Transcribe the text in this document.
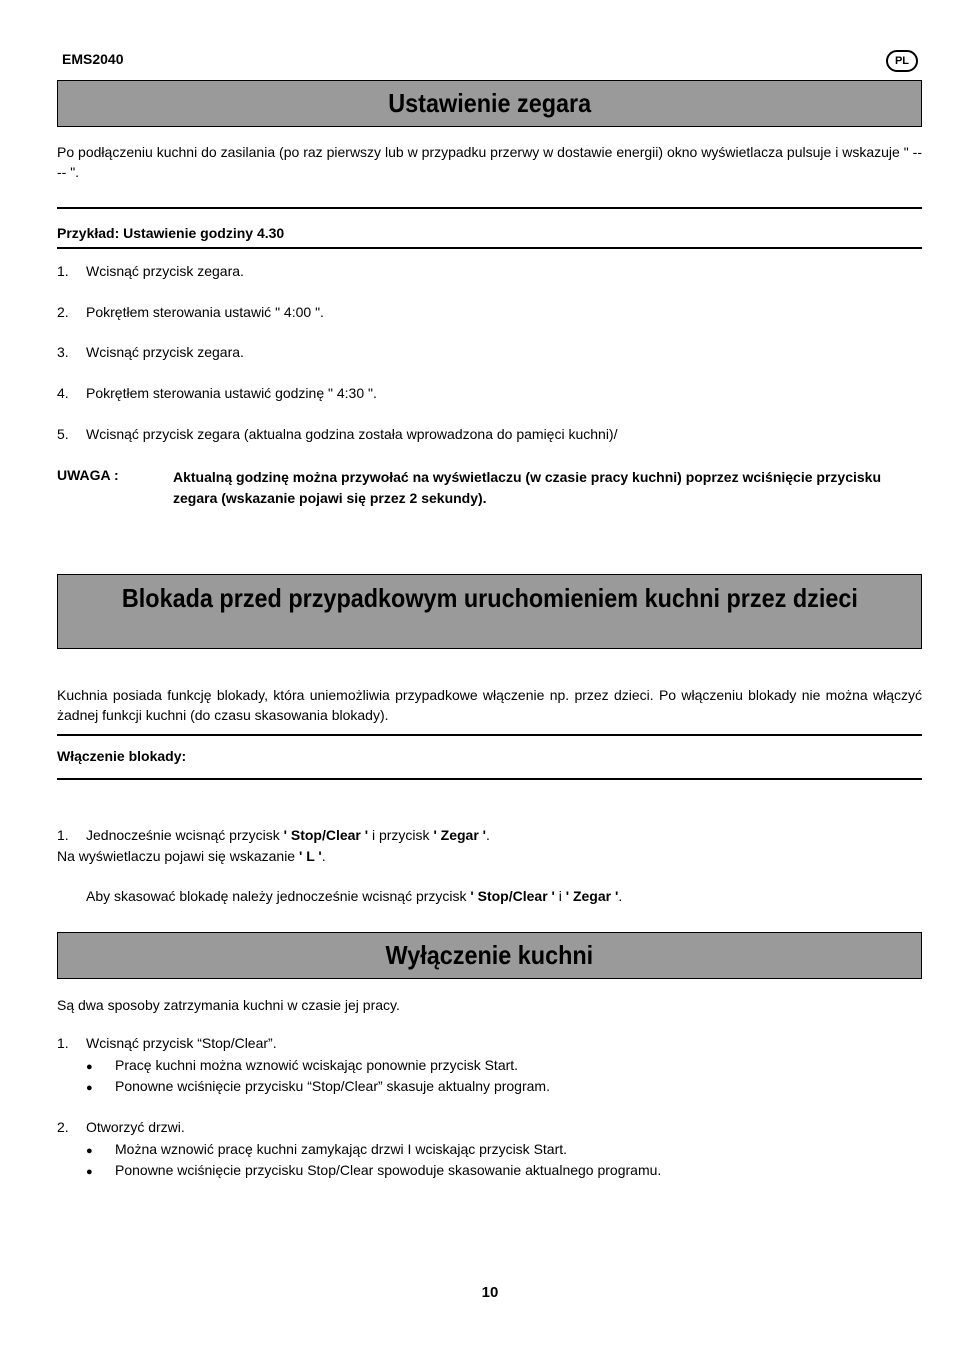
EMS2040	PL
Ustawienie zegara
Po podłączeniu kuchni do zasilania (po raz pierwszy lub w przypadku przerwy w dostawie energii) okno wyświetlacza pulsuje i wskazuje " ---- ".
Przykład: Ustawienie godziny 4.30
1. Wcisnąć przycisk zegara.
2. Pokrętłem sterowania ustawić " 4:00 ".
3. Wcisnąć przycisk zegara.
4. Pokrętłem sterowania ustawić godzinę " 4:30 ".
5. Wcisnąć przycisk zegara (aktualna godzina została wprowadzona do pamięci kuchni)/
UWAGA :	Aktualną godzinę można przywołać na wyświetlaczu (w czasie pracy kuchni) poprzez wciśnięcie przycisku zegara (wskazanie pojawi się przez 2 sekundy).
Blokada przed przypadkowym uruchomieniem kuchni przez dzieci
Kuchnia posiada funkcję blokady, która uniemożliwia przypadkowe włączenie np. przez dzieci. Po włączeniu blokady nie można włączyć żadnej funkcji kuchni (do czasu skasowania blokady).
Włączenie blokady:
1. Jednocześnie wcisnąć przycisk ' Stop/Clear ' i przycisk ' Zegar '.
Na wyświetlaczu pojawi się wskazanie ' L '.
Aby skasować blokadę należy jednocześnie wcisnąć przycisk ' Stop/Clear ' i ' Zegar '.
Wyłączenie kuchni
Są dwa sposoby zatrzymania kuchni w czasie jej pracy.
1. Wcisnąć przycisk “Stop/Clear”.
● Pracę kuchni można wznowić wciskając ponownie przycisk Start.
● Ponowne wciśnięcie przycisku “Stop/Clear” skasuje aktualny program.
2. Otworzyć drzwi.
● Można wznowić pracę kuchni zamykając drzwi I wciskając przycisk Start.
● Ponowne wciśnięcie przycisku Stop/Clear spowoduje skasowanie aktualnego programu.
10
